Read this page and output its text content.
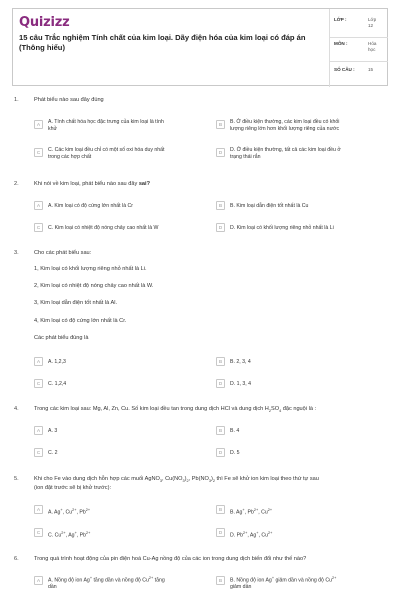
Quizizz
15 câu Trắc nghiệm Tính chất của kim loại. Dãy điện hóa của kim loại có đáp án
(Thông hiểu)
LỚP :	Lớp
12
MÔN :	Hóa
học
SỐ CÂU :	15
1.	Phát biểu nào sau đây đúng
A	A. Tính chất hóa học đặc trưng của kim loại là tính
khử
B	B. Ở điều kiện thường, các kim loại đều có khối
lượng riêng lớn hơn khối lượng riêng của nước
C	C. Các kim loại đều chỉ có một số oxi hóa duy nhất
trong các hợp chất
D	D. Ở điều kiện thường, tất cả các kim loại đều ở
trạng thái rắn
2.	Khi nói về kim loại, phát biểu nào sau đây sai?
A	A. Kim loại có độ cứng lớn nhất là Cr	B	B. Kim loại dẫn điện tốt nhất là Cu
C	C. Kim loại có nhiệt độ nóng chảy cao nhất là W	D	D. Kim loại có khối lượng riêng nhỏ nhất là Li
3.	Cho các phát biểu sau:
1, Kim loại có khối lượng riêng nhỏ nhất là Li.
2, Kim loại có nhiệt độ nóng chảy cao nhất là W.
3, Kim loại dẫn điện tốt nhất là Al.
4, Kim loại có độ cứng lớn nhất là Cr.
Các phát biểu đúng là
A	A. 1,2,3	B	B. 2, 3, 4
C	C. 1,2,4	D	D. 1, 3, 4
4.	Trong các kim loại sau: Mg, Al, Zn, Cu. Số kim loại đều tan trong dung dịch HCl và dung dịch $H_2SO_4$ đặc nguội là :
A	A. 3	B	B. 4
C	C. 2	D	D. 5
5.	Khi cho Fe vào dung dịch hỗn hợp các muối AgNO$_3$, $Cu(NO_3)_2$, $Pb(NO_3)_2$ thì Fe sẽ khử ion kim loại theo thứ tự sau
(ion đặt trước sẽ bị khử trước):
A
A. Ag+, $Cu^{2+}$, $Pb^{2+}$	B
B. Ag+, $Pb^{2+}$, $Cu^{2+}$
C
C. $Cu^{2+}$, Ag+, $Pb^{2+}$	D
D. $Pb^{2+}$, Ag+, $Cu^{2+}$
6.	Trong quá trình hoạt động của pin điện hoá Cu-Ag nồng độ của các ion trong dung dịch biến đổi như thế nào?
A	A. Nồng độ ion Ag+ tăng dần và nồng độ $Cu^{2+}$ tăng
dần
B	B. Nồng độ ion Ag+ giảm dần và nồng độ $Cu^{2+}$
giảm dần
